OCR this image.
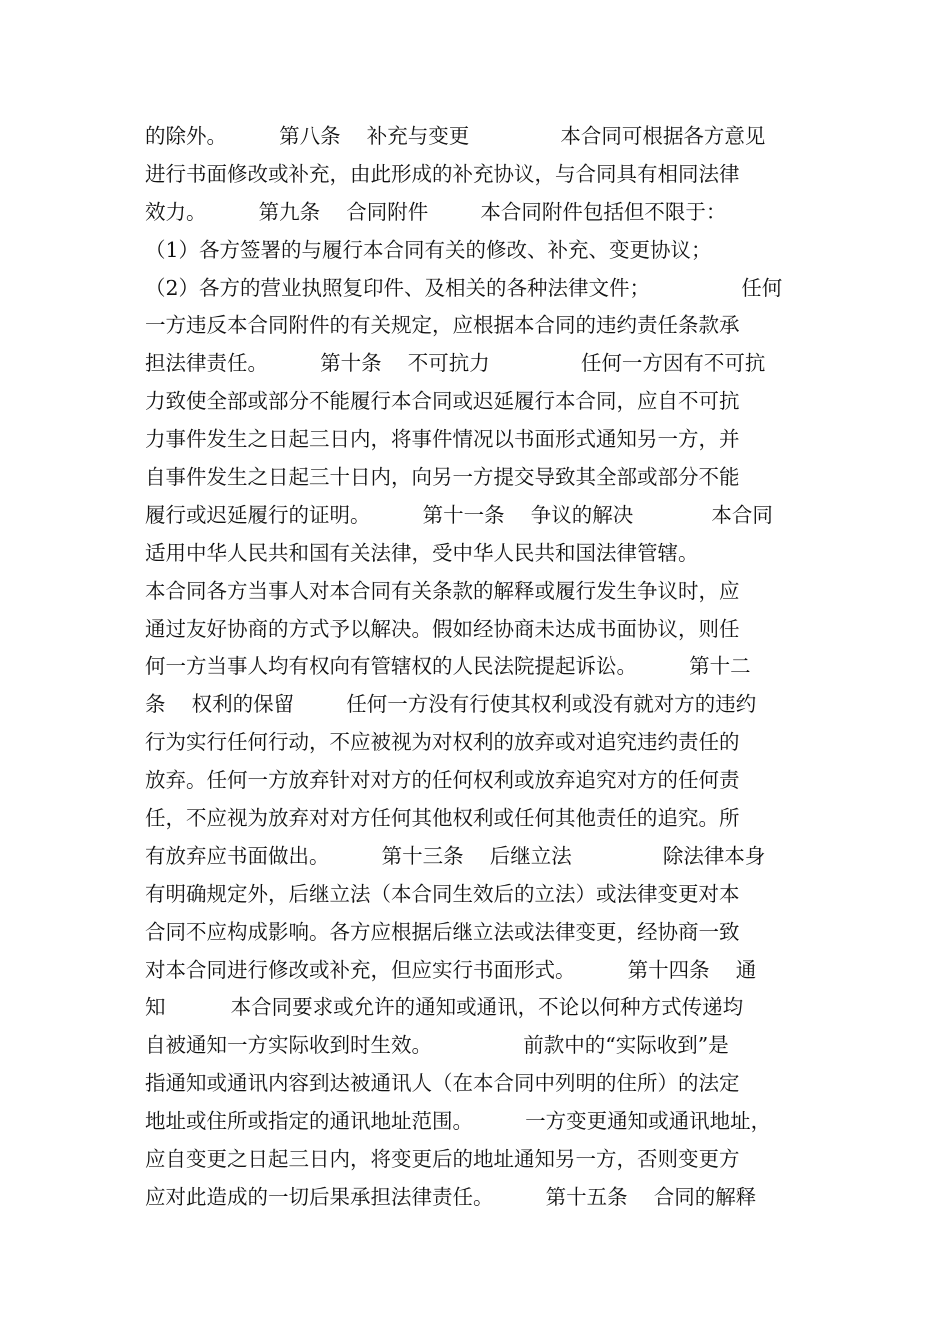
的除外。        第八条    补充与变更              本合同可根据各方意见
进行书面修改或补充，由此形成的补充协议，与合同具有相同法律
效力。        第九条    合同附件        本合同附件包括但不限于：
（1）各方签署的与履行本合同有关的修改、补充、变更协议；
（2）各方的营业执照复印件、及相关的各种法律文件；              任何
一方违反本合同附件的有关规定，应根据本合同的违约责任条款承
担法律责任。        第十条    不可抗力              任何一方因有不可抗
力致使全部或部分不能履行本合同或迟延履行本合同，应自不可抗
力事件发生之日起三日内，将事件情况以书面形式通知另一方，并
自事件发生之日起三十日内，向另一方提交导致其全部或部分不能
履行或迟延履行的证明。        第十一条    争议的解决            本合同
适用中华人民共和国有关法律，受中华人民共和国法律管辖。
本合同各方当事人对本合同有关条款的解释或履行发生争议时，应
通过友好协商的方式予以解决。假如经协商未达成书面协议，则任
何一方当事人均有权向有管辖权的人民法院提起诉讼。        第十二
条    权利的保留        任何一方没有行使其权利或没有就对方的违约
行为实行任何行动，不应被视为对权利的放弃或对追究违约责任的
放弃。任何一方放弃针对对方的任何权利或放弃追究对方的任何责
任，不应视为放弃对对方任何其他权利或任何其他责任的追究。所
有放弃应书面做出。        第十三条    后继立法              除法律本身
有明确规定外，后继立法（本合同生效后的立法）或法律变更对本
合同不应构成影响。各方应根据后继立法或法律变更，经协商一致
对本合同进行修改或补充，但应实行书面形式。        第十四条    通
知          本合同要求或允许的通知或通讯，不论以何种方式传递均
自被通知一方实际收到时生效。              前款中的“实际收到”是
指通知或通讯内容到达被通讯人（在本合同中列明的住所）的法定
地址或住所或指定的通讯地址范围。        一方变更通知或通讯地址，
应自变更之日起三日内，将变更后的地址通知另一方，否则变更方
应对此造成的一切后果承担法律责任。        第十五条    合同的解释
